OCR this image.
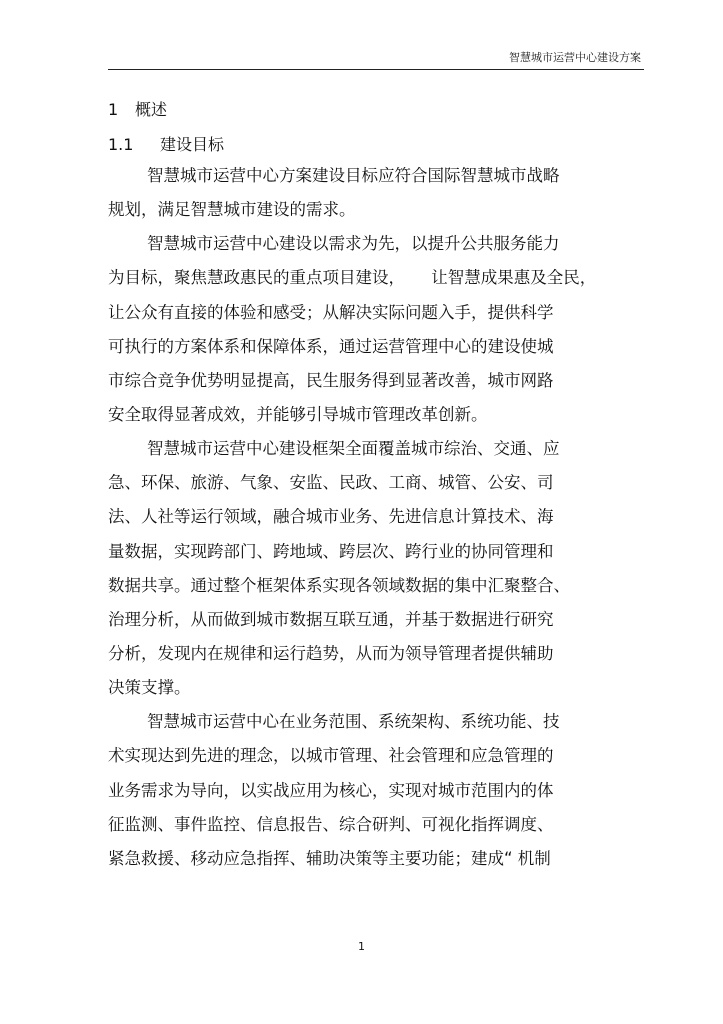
智慧城市运营中心建设方案
1 概述
1.1 建设目标
智慧城市运营中心方案建设目标应符合国际智慧城市战略
规划，满足智慧城市建设的需求。
智慧城市运营中心建设以需求为先，以提升公共服务能力
为目标，聚焦慧政惠民的重点项目建设，     让智慧成果惠及全民，
让公众有直接的体验和感受；从解决实际问题入手，提供科学
可执行的方案体系和保障体系，通过运营管理中心的建设使城
市综合竞争优势明显提高，民生服务得到显著改善，城市网路
安全取得显著成效，并能够引导城市管理改革创新。
智慧城市运营中心建设框架全面覆盖城市综治、交通、应
急、环保、旅游、气象、安监、民政、工商、城管、公安、司
法、人社等运行领域，融合城市业务、先进信息计算技术、海
量数据，实现跨部门、跨地域、跨层次、跨行业的协同管理和
数据共享。通过整个框架体系实现各领域数据的集中汇聚整合、
治理分析，从而做到城市数据互联互通，并基于数据进行研究
分析，发现内在规律和运行趋势，从而为领导管理者提供辅助
决策支撑。
智慧城市运营中心在业务范围、系统架构、系统功能、技
术实现达到先进的理念，以城市管理、社会管理和应急管理的
业务需求为导向，以实战应用为核心，实现对城市范围内的体
征监测、事件监控、信息报告、综合研判、可视化指挥调度、
紧急救援、移动应急指挥、辅助决策等主要功能；建成“ 机制
1
